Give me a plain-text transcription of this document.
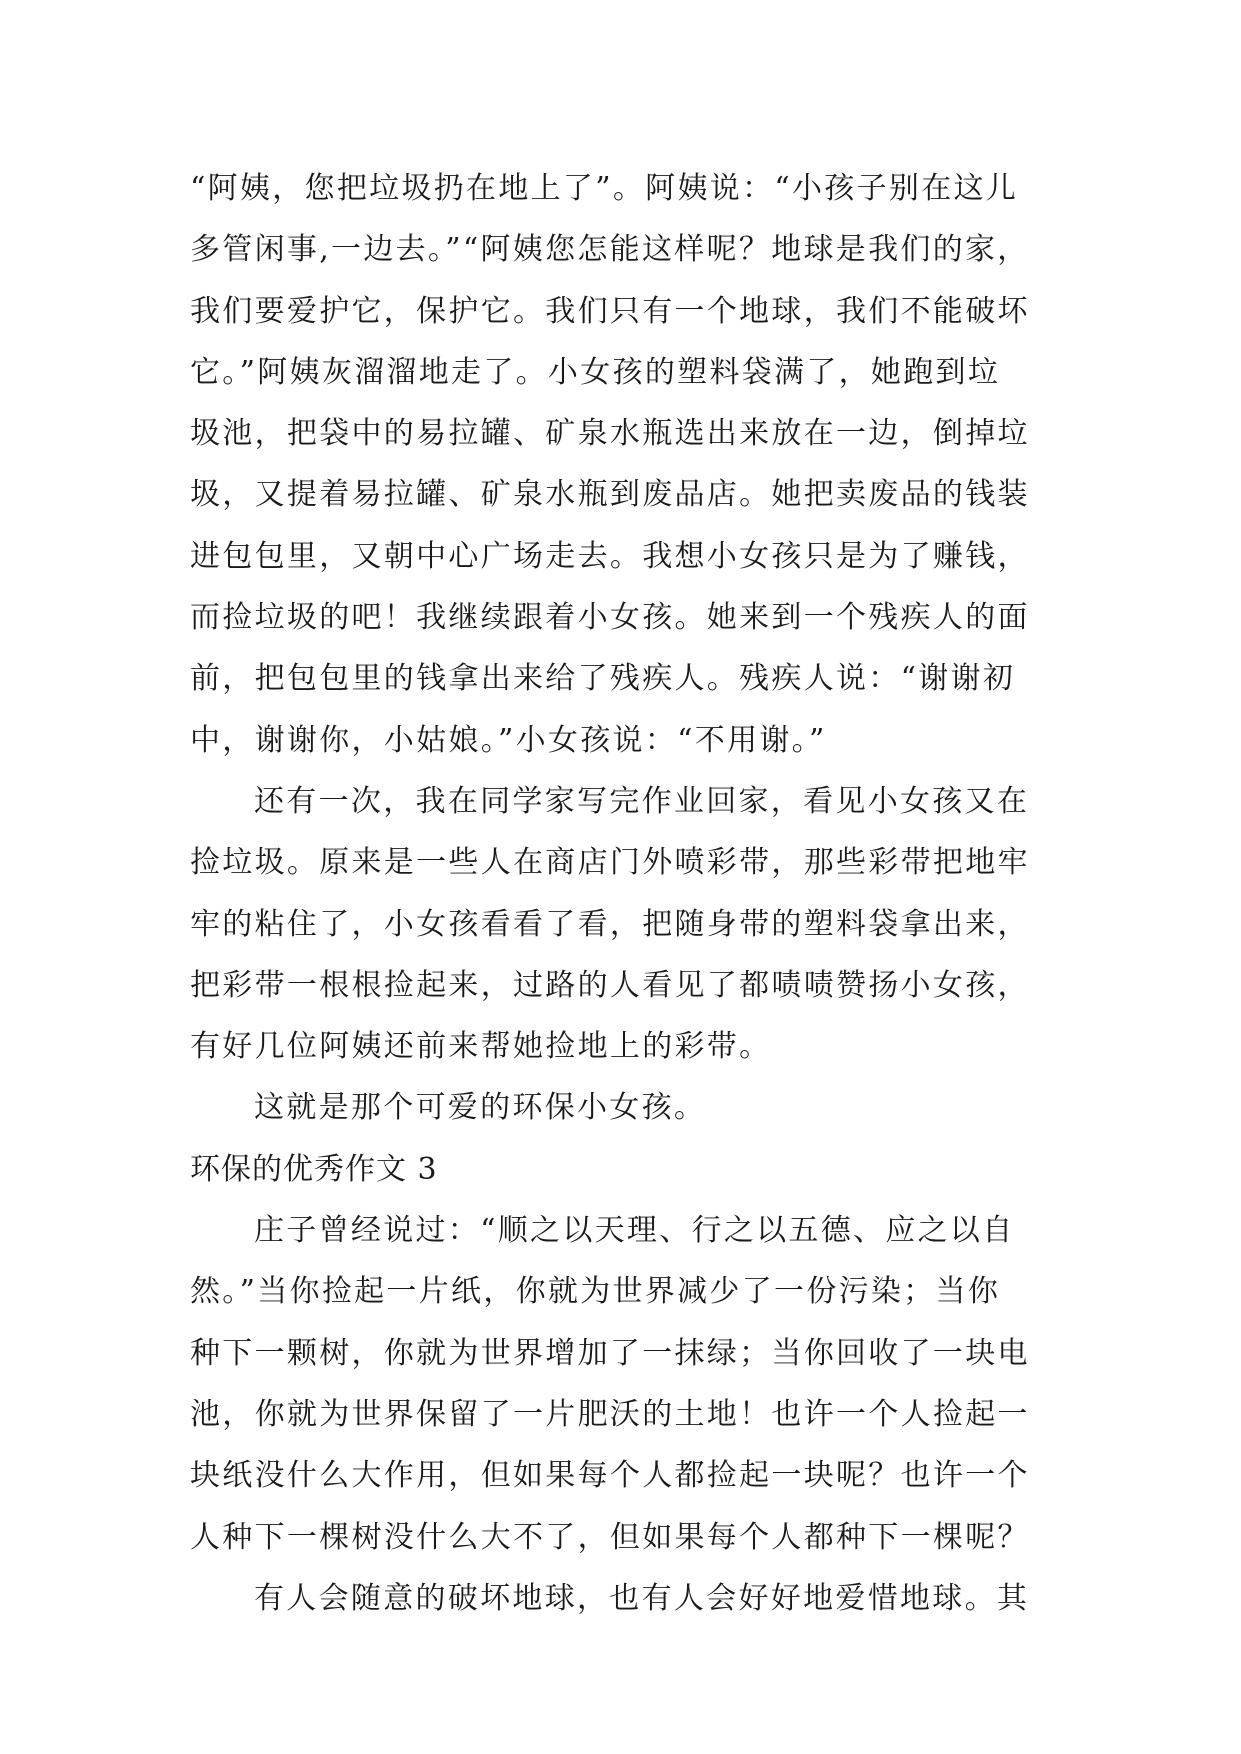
“阿姨，您把垃圾扔在地上了”。阿姨说：“小孩子别在这儿
多管闲事,一边去。”“阿姨您怎能这样呢？地球是我们的家，
我们要爱护它，保护它。我们只有一个地球，我们不能破坏
它。”阿姨灰溜溜地走了。小女孩的塑料袋满了，她跑到垃
圾池，把袋中的易拉罐、矿泉水瓶选出来放在一边，倒掉垃
圾，又提着易拉罐、矿泉水瓶到废品店。她把卖废品的钱装
进包包里，又朝中心广场走去。我想小女孩只是为了赚钱，
而捡垃圾的吧！我继续跟着小女孩。她来到一个残疾人的面
前，把包包里的钱拿出来给了残疾人。残疾人说：“谢谢初
中，谢谢你，小姑娘。”小女孩说：“不用谢。”
还有一次，我在同学家写完作业回家，看见小女孩又在
捡垃圾。原来是一些人在商店门外喷彩带，那些彩带把地牢
牢的粘住了，小女孩看看了看，把随身带的塑料袋拿出来，
把彩带一根根捡起来，过路的人看见了都啧啧赞扬小女孩，
有好几位阿姨还前来帮她捡地上的彩带。
这就是那个可爱的环保小女孩。
环保的优秀作文 3
庄子曾经说过：“顺之以天理、行之以五德、应之以自
然。”当你捡起一片纸，你就为世界减少了一份污染；当你
种下一颗树，你就为世界增加了一抹绿；当你回收了一块电
池，你就为世界保留了一片肥沃的土地！也许一个人捡起一
块纸没什么大作用，但如果每个人都捡起一块呢？也许一个
人种下一棵树没什么大不了，但如果每个人都种下一棵呢？
有人会随意的破坏地球，也有人会好好地爱惜地球。其
